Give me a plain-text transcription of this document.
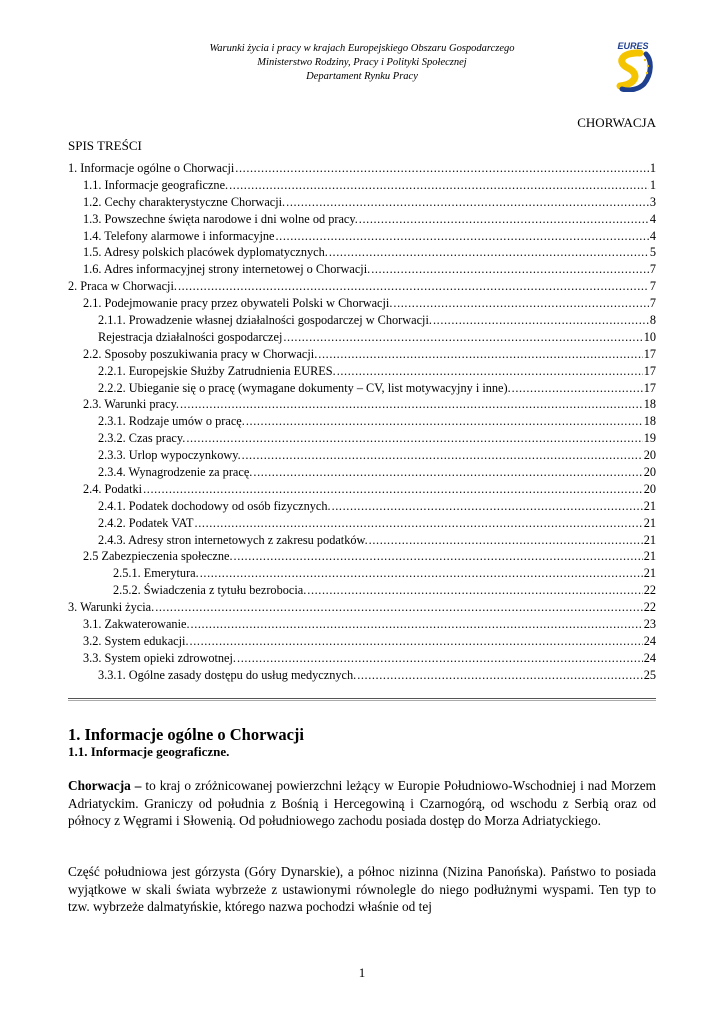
Warunki życia i pracy w krajach Europejskiego Obszaru Gospodarczego
Ministerstwo Rodziny, Pracy i Polityki Społecznej
Departament Rynku Pracy
EURES
CHORWACJA
SPIS TREŚCI
1. Informacje ogólne o Chorwacji .....	1
1.1. Informacje geograficzne. .....	1
1.2. Cechy charakterystyczne Chorwacji. .....	3
1.3. Powszechne święta narodowe i dni wolne od pracy. .....	4
1.4. Telefony alarmowe i informacyjne .....	4
1.5. Adresy polskich placówek dyplomatycznych. .....	5
1.6. Adres informacyjnej strony internetowej o Chorwacji. .....	7
2. Praca w Chorwacji. .....	7
2.1. Podejmowanie pracy przez obywateli Polski w Chorwacji. .....	7
2.1.1. Prowadzenie własnej działalności gospodarczej w Chorwacji. .....	8
Rejestracja działalności gospodarczej .....	10
2.2. Sposoby poszukiwania pracy w Chorwacji. .....	17
2.2.1. Europejskie Służby Zatrudnienia EURES. .....	17
2.2.2. Ubieganie się o pracę (wymagane dokumenty – CV, list motywacyjny i inne). .....	17
2.3. Warunki pracy. .....	18
2.3.1. Rodzaje umów o pracę. .....	18
2.3.2. Czas pracy. .....	19
2.3.3. Urlop wypoczynkowy. .....	20
2.3.4. Wynagrodzenie za pracę. .....	20
2.4. Podatki .....	20
2.4.1. Podatek dochodowy od osób fizycznych. .....	21
2.4.2. Podatek VAT .....	21
2.4.3. Adresy stron internetowych z zakresu podatków. .....	21
2.5 Zabezpieczenia społeczne. .....	21
2.5.1. Emerytura. .....	21
2.5.2. Świadczenia z tytułu bezrobocia. .....	22
3. Warunki życia. .....	22
3.1. Zakwaterowanie. .....	23
3.2. System edukacji. .....	24
3.3. System opieki zdrowotnej. .....	24
3.3.1. Ogólne zasady dostępu do usług medycznych. .....	25
1. Informacje ogólne o Chorwacji
1.1. Informacje geograficzne.
Chorwacja – to kraj o zróżnicowanej powierzchni leżący w Europie Południowo-Wschodniej i nad Morzem Adriatyckim. Graniczy od południa z Bośnią i Hercegowiną i Czarnogórą, od wschodu z Serbią oraz od północy z Węgrami i Słowenią. Od południowego zachodu posiada dostęp do Morza Adriatyckiego.
Część południowa jest górzysta (Góry Dynarskie), a północ nizinna (Nizina Panońska). Państwo to posiada wyjątkowe w skali świata wybrzeże z ustawionymi równolegle do niego podłużnymi wyspami. Ten typ to tzw. wybrzeże dalmatyńskie, którego nazwa pochodzi właśnie od tej
1
